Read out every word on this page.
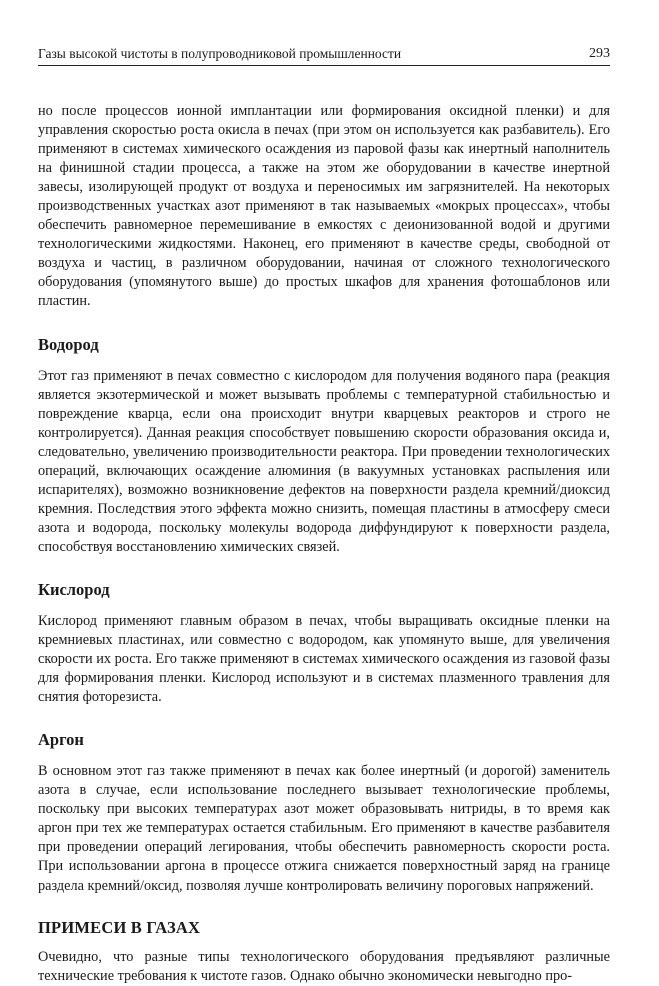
Газы высокой чистоты в полупроводниковой промышленности	293

но после процессов ионной имплантации или формирования оксидной пленки) и для управления скоростью роста окисла в печах (при этом он используется как разбавитель). Его применяют в системах химического осаждения из паровой фазы как инертный наполнитель на финишной стадии процесса, а также на этом же оборудовании в качестве инертной завесы, изолирующей продукт от воздуха и переносимых им загрязнителей. На некоторых производственных участках азот применяют в так называемых «мокрых процессах», чтобы обеспечить равномерное перемешивание в емкостях с деионизованной водой и другими технологическими жидкостями. Наконец, его применяют в качестве среды, свободной от воздуха и частиц, в различном оборудовании, начиная от сложного технологического оборудования (упомянутого выше) до простых шкафов для хранения фотошаблонов или пластин.

Водород

Этот газ применяют в печах совместно с кислородом для получения водяного пара (реакция является экзотермической и может вызывать проблемы с температурной стабильностью и повреждение кварца, если она происходит внутри кварцевых реакторов и строго не контролируется). Данная реакция способствует повышению скорости образования оксида и, следовательно, увеличению производительности реактора. При проведении технологических операций, включающих осаждение алюминия (в вакуумных установках распыления или испарителях), возможно возникновение дефектов на поверхности раздела кремний/диоксид кремния. Последствия этого эффекта можно снизить, помещая пластины в атмосферу смеси азота и водорода, поскольку молекулы водорода диффундируют к поверхности раздела, способствуя восстановлению химических связей.

Кислород

Кислород применяют главным образом в печах, чтобы выращивать оксидные пленки на кремниевых пластинах, или совместно с водородом, как упомянуто выше, для увеличения скорости их роста. Его также применяют в системах химического осаждения из газовой фазы для формирования пленки. Кислород используют и в системах плазменного травления для снятия фоторезиста.

Аргон

В основном этот газ также применяют в печах как более инертный (и дорогой) заменитель азота в случае, если использование последнего вызывает технологические проблемы, поскольку при высоких температурах азот может образовывать нитриды, в то время как аргон при тех же температурах остается стабильным. Его применяют в качестве разбавителя при проведении операций легирования, чтобы обеспечить равномерность скорости роста. При использовании аргона в процессе отжига снижается поверхностный заряд на границе раздела кремний/оксид, позволяя лучше контролировать величину пороговых напряжений.

ПРИМЕСИ В ГАЗАХ

Очевидно, что разные типы технологического оборудования предъявляют различные технические требования к чистоте газов. Однако обычно экономически невыгодно про-
